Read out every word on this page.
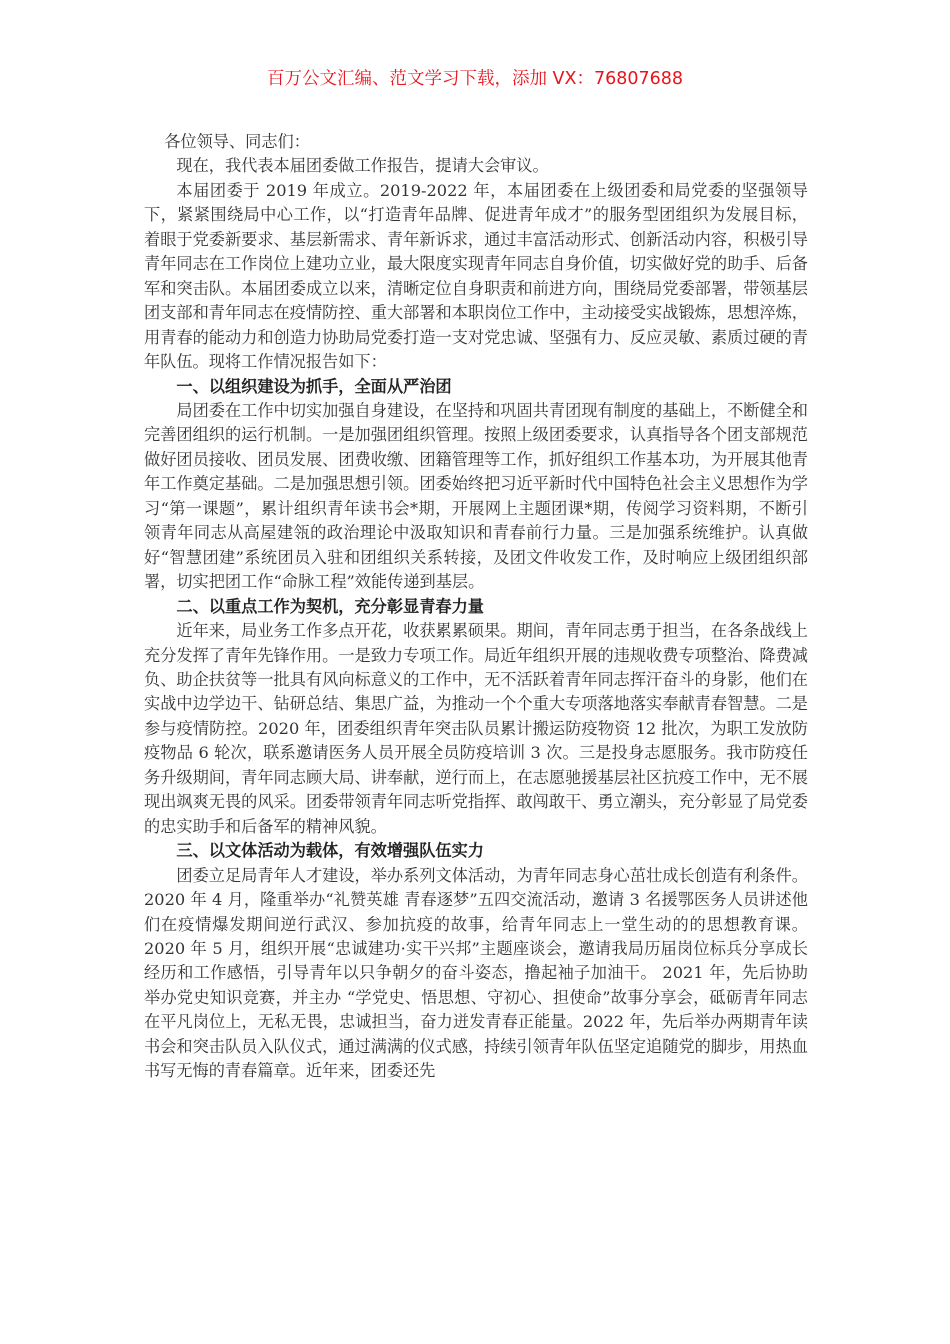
百万公文汇编、范文学习下载，添加 VX：76807688

各位领导、同志们：

现在，我代表本届团委做工作报告，提请大会审议。

本届团委于 2019 年成立。2019-2022 年，本届团委在上级团委和局党委的坚强领导下，紧紧围绕局中心工作，以“打造青年品牌、促进青年成才”的服务型团组织为发展目标，着眼于党委新要求、基层新需求、青年新诉求，通过丰富活动形式、创新活动内容，积极引导青年同志在工作岗位上建功立业，最大限度实现青年同志自身价值，切实做好党的助手、后备军和突击队。本届团委成立以来，清晰定位自身职责和前进方向，围绕局党委部署，带领基层团支部和青年同志在疫情防控、重大部署和本职岗位工作中，主动接受实战锻炼，思想淬炼，用青春的能动力和创造力协助局党委打造一支对党忠诚、坚强有力、反应灵敏、素质过硬的青年队伍。现将工作情况报告如下：

一、以组织建设为抓手，全面从严治团

局团委在工作中切实加强自身建设，在坚持和巩固共青团现有制度的基础上，不断健全和完善团组织的运行机制。一是加强团组织管理。按照上级团委要求，认真指导各个团支部规范做好团员接收、团员发展、团费收缴、团籍管理等工作，抓好组织工作基本功，为开展其他青年工作奠定基础。二是加强思想引领。团委始终把习近平新时代中国特色社会主义思想作为学习“第一课题”，累计组织青年读书会*期，开展网上主题团课*期，传阅学习资料期，不断引领青年同志从高屋建瓴的政治理论中汲取知识和青春前行力量。三是加强系统维护。认真做好“智慧团建”系统团员入驻和团组织关系转接，及团文件收发工作，及时响应上级团组织部署，切实把团工作“命脉工程”效能传递到基层。

二、以重点工作为契机，充分彰显青春力量

近年来，局业务工作多点开花，收获累累硕果。期间，青年同志勇于担当，在各条战线上充分发挥了青年先锋作用。一是致力专项工作。局近年组织开展的违规收费专项整治、降费减负、助企扶贫等一批具有风向标意义的工作中，无不活跃着青年同志挥汗奋斗的身影，他们在实战中边学边干、钻研总结、集思广益，为推动一个个重大专项落地落实奉献青春智慧。二是参与疫情防控。2020 年，团委组织青年突击队员累计搬运防疫物资 12 批次，为职工发放防疫物品 6 轮次，联系邀请医务人员开展全员防疫培训 3 次。三是投身志愿服务。我市防疫任务升级期间，青年同志顾大局、讲奉献，逆行而上，在志愿驰援基层社区抗疫工作中，无不展现出飒爽无畏的风采。团委带领青年同志听党指挥、敢闯敢干、勇立潮头，充分彰显了局党委的忠实助手和后备军的精神风貌。

三、以文体活动为载体，有效增强队伍实力

团委立足局青年人才建设，举办系列文体活动，为青年同志身心茁壮成长创造有利条件。2020 年 4 月，隆重举办“礼赞英雄 青春逐梦”五四交流活动，邀请 3 名援鄂医务人员讲述他们在疫情爆发期间逆行武汉、参加抗疫的故事，给青年同志上一堂生动的的思想教育课。2020 年 5 月，组织开展“忠诚建功·实干兴邦”主题座谈会，邀请我局历届岗位标兵分享成长经历和工作感悟，引导青年以只争朝夕的奋斗姿态，撸起袖子加油干。 2021 年，先后协助举办党史知识竞赛，并主办 “学党史、悟思想、守初心、担使命”故事分享会，砥砺青年同志在平凡岗位上，无私无畏，忠诚担当，奋力迸发青春正能量。2022 年，先后举办两期青年读书会和突击队员入队仪式，通过满满的仪式感，持续引领青年队伍坚定追随党的脚步，用热血书写无悔的青春篇章。近年来，团委还先
